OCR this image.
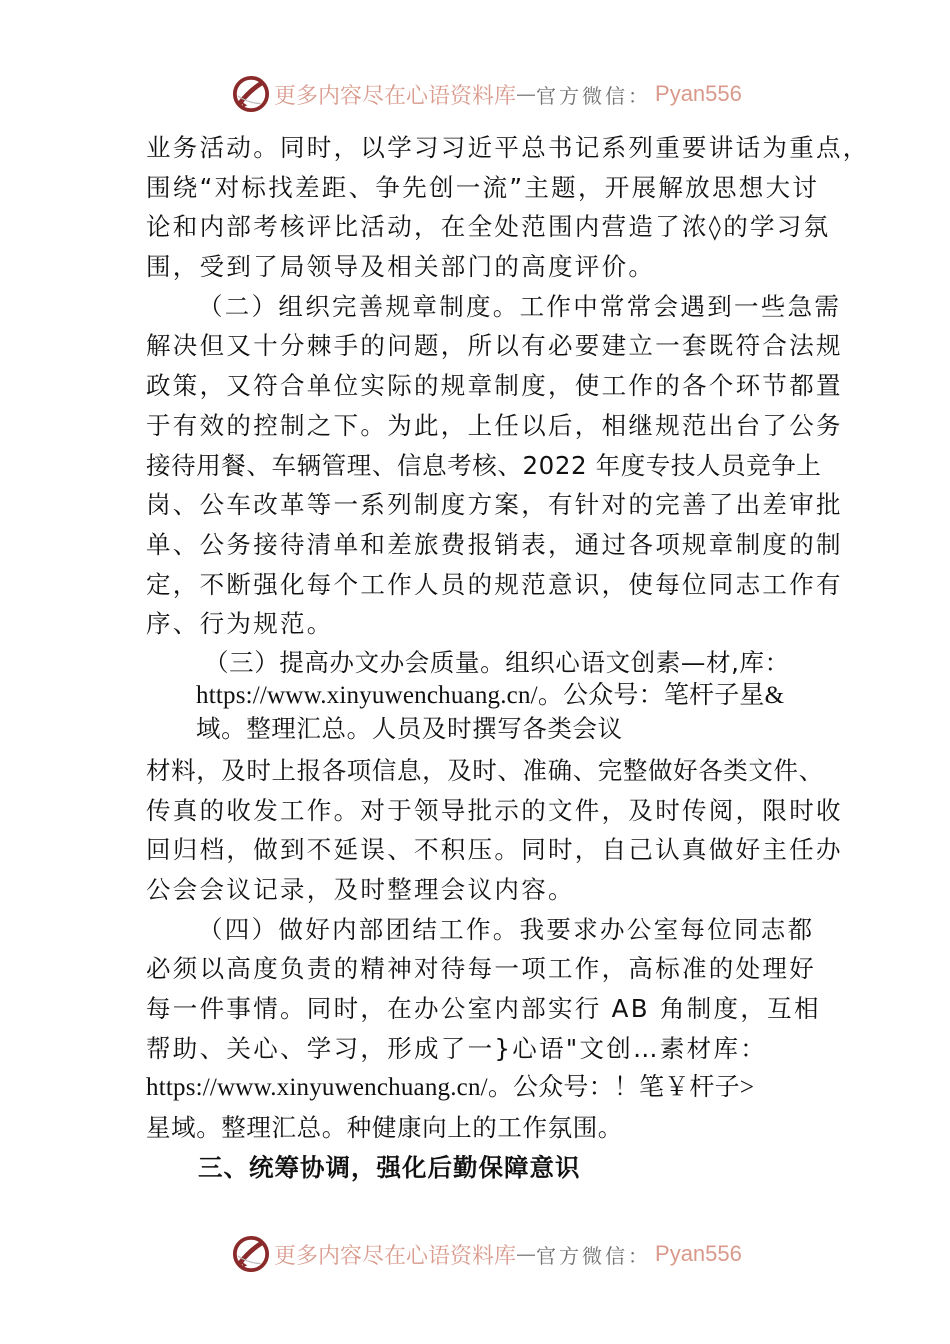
更多内容尽在心语资料库 — 官方微信： Pyan556
业务活动。同时，以学习习近平总书记系列重要讲话为重点，
围绕“对标找差距、争先创一流”主题，开展解放思想大讨
论和内部考核评比活动，在全处范围内营造了浓◊的学习氛
围，受到了局领导及相关部门的高度评价。
（二）组织完善规章制度。工作中常常会遇到一些急需
解决但又十分棘手的问题，所以有必要建立一套既符合法规
政策，又符合单位实际的规章制度，使工作的各个环节都置
于有效的控制之下。为此，上任以后，相继规范出台了公务
接待用餐、车辆管理、信息考核、2022 年度专技人员竞争上
岗、公车改革等一系列制度方案，有针对的完善了出差审批
单、公务接待清单和差旅费报销表，通过各项规章制度的制
定，不断强化每个工作人员的规范意识，使每位同志工作有
序、行为规范。
（三）提高办文办会质量。组织心语文创素—材,库：
https://www.xinyuwenchuang.cn/。公众号：笔杆子星&
域。整理汇总。人员及时撰写各类会议
材料，及时上报各项信息，及时、准确、完整做好各类文件、
传真的收发工作。对于领导批示的文件，及时传阅，限时收
回归档，做到不延误、不积压。同时，自己认真做好主任办
公会会议记录，及时整理会议内容。
（四）做好内部团结工作。我要求办公室每位同志都
必须以高度负责的精神对待每一项工作，高标准的处理好
每一件事情。同时，在办公室内部实行 AB 角制度，互相
帮助、关心、学习，形成了一}心语"文创…素材库：
https://www.xinyuwenchuang.cn/。公众号：！笔￥杆子>
星域。整理汇总。种健康向上的工作氛围。
三、统筹协调，强化后勤保障意识
更多内容尽在心语资料库 — 官方微信： Pyan556
